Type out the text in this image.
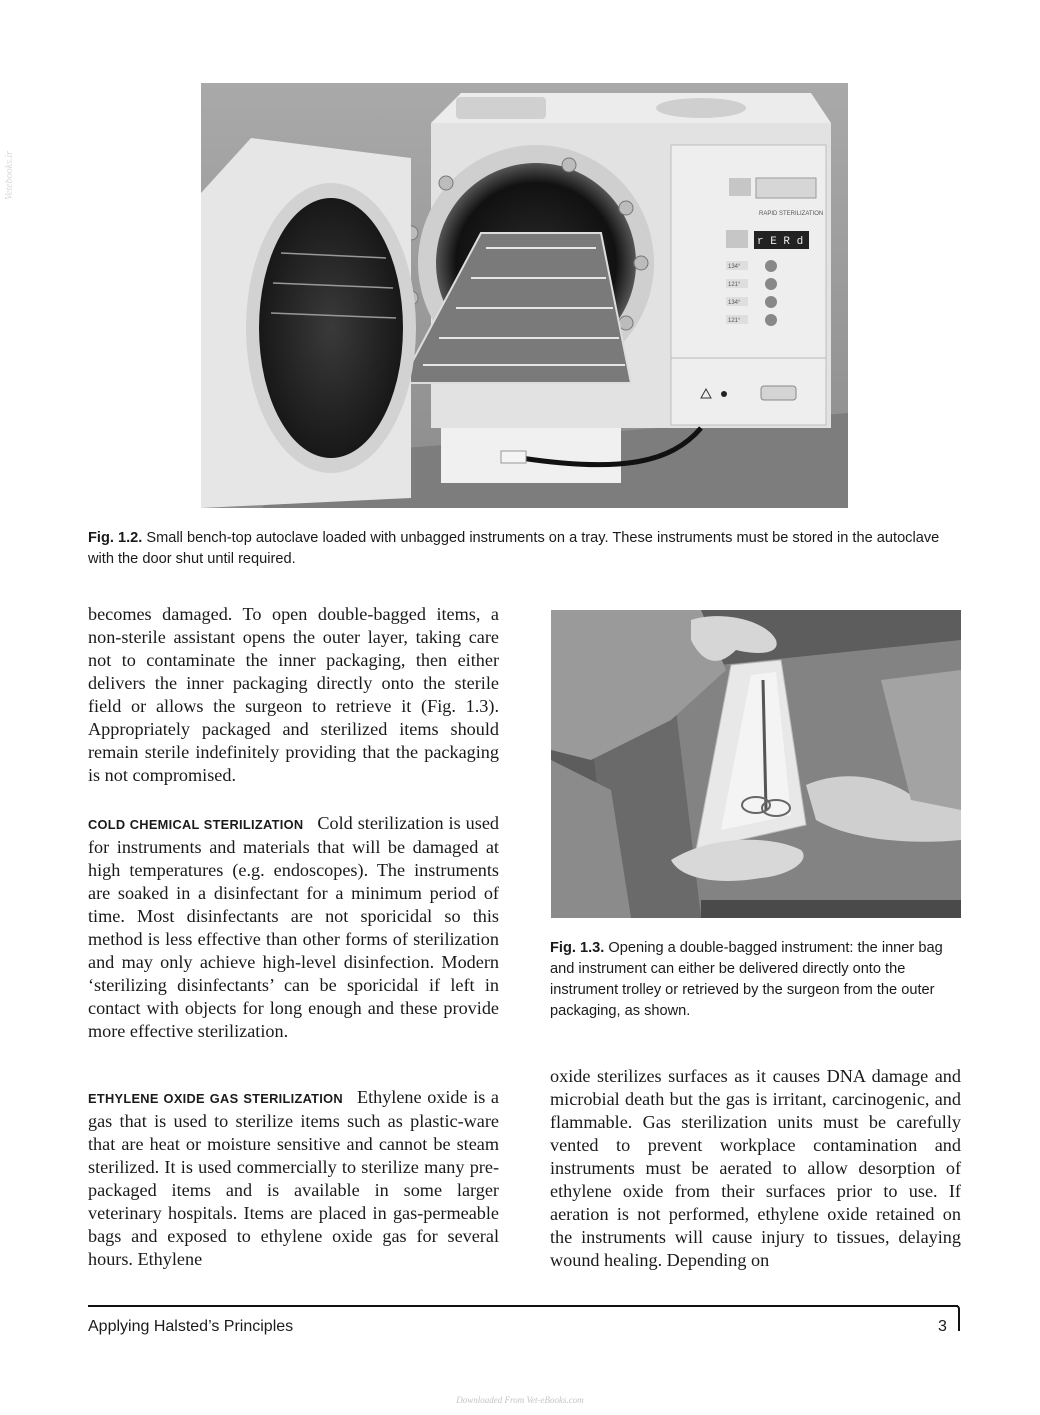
RAPID STERILIZATION
r E R d Y
134°
121°
134°
121°
Fig. 1.2. Small bench-top autoclave loaded with unbagged instruments on a tray. These instruments must be stored in the autoclave with the door shut until required.

becomes damaged. To open double-bagged items, a non-sterile assistant opens the outer layer, taking care not to contaminate the inner packaging, then either delivers the inner packaging directly onto the sterile field or allows the surgeon to retrieve it (Fig. 1.3). Appropriately packaged and sterilized items should remain sterile indefinitely providing that the packaging is not compromised.

COLD CHEMICAL STERILIZATION Cold sterilization is used for instruments and materials that will be damaged at high temperatures (e.g. endoscopes). The instruments are soaked in a disinfectant for a minimum period of time. Most disinfectants are not sporicidal so this method is less effective than other forms of sterilization and may only achieve high-level disinfection. Modern ‘sterilizing disinfectants’ can be sporicidal if left in contact with objects for long enough and these provide more effective sterilization.

ETHYLENE OXIDE GAS STERILIZATION Ethylene oxide is a gas that is used to sterilize items such as plastic-ware that are heat or moisture sensitive and cannot be steam sterilized. It is used commercially to sterilize many pre-packaged items and is available in some larger veterinary hospitals. Items are placed in gas-permeable bags and exposed to ethylene oxide gas for several hours. Ethylene

Fig. 1.3. Opening a double-bagged instrument: the inner bag and instrument can either be delivered directly onto the instrument trolley or retrieved by the surgeon from the outer packaging, as shown.

oxide sterilizes surfaces as it causes DNA damage and microbial death but the gas is irritant, carcinogenic, and flammable. Gas sterilization units must be carefully vented to prevent workplace contamination and instruments must be aerated to allow desorption of ethylene oxide from their surfaces prior to use. If aeration is not performed, ethylene oxide retained on the instruments will cause injury to tissues, delaying wound healing. Depending on

Applying Halsted’s Principles	3
Vetebooks.ir
Downloaded From Vet-eBooks.com
